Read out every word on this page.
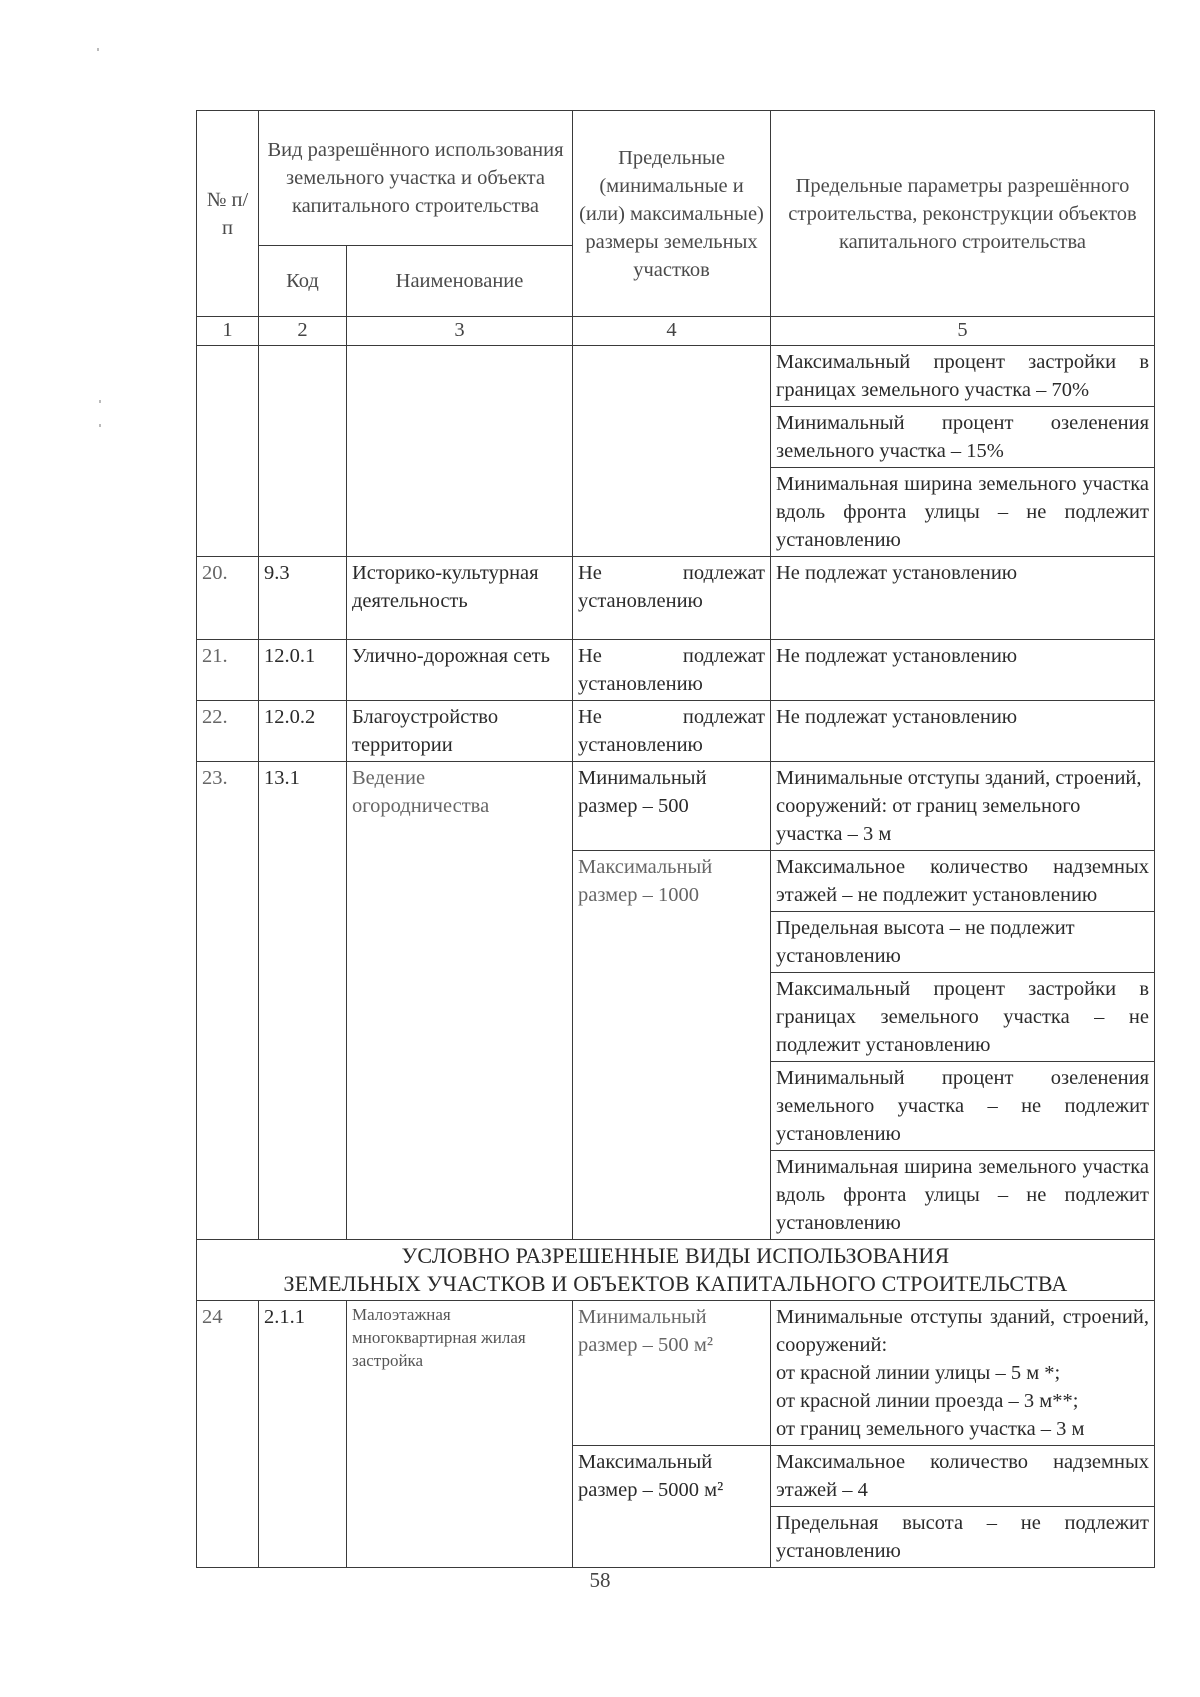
№ п/п	Вид разрешённого использования земельного участка и объекта капитального строительства		Предельные (минимальные и (или) максимальные) размеры земельных участков	Предельные параметры разрешённого строительства, реконструкции объектов капитального строительства
	Код	Наименование		
1	2	3	4	5
				Максимальный процент застройки в границах земельного участка – 70%
				Минимальный процент озеленения земельного участка – 15%
				Минимальная ширина земельного участка вдоль фронта улицы – не подлежит установлению
20.	9.3	Историко-культурная деятельность	Не подлежат установлению	Не подлежат установлению
21.	12.0.1	Улично-дорожная сеть	Не подлежат установлению	Не подлежат установлению
22.	12.0.2	Благоустройство территории	Не подлежат установлению	Не подлежат установлению
23.	13.1	Ведение огородничества	Минимальный размер – 500	Минимальные отступы зданий, строений, сооружений: от границ земельного участка – 3 м
			Максимальный размер – 1000	Максимальное количество надземных этажей – не подлежит установлению
				Предельная высота – не подлежит установлению
				Максимальный процент застройки в границах земельного участка – не подлежит установлению
				Минимальный процент озеленения земельного участка – не подлежит установлению
				Минимальная ширина земельного участка вдоль фронта улицы – не подлежит установлению

УСЛОВНО РАЗРЕШЕННЫЕ ВИДЫ ИСПОЛЬЗОВАНИЯ
ЗЕМЕЛЬНЫХ УЧАСТКОВ И ОБЪЕКТОВ КАПИТАЛЬНОГО СТРОИТЕЛЬСТВА				

24	2.1.1	Малоэтажная многоквартирная жилая застройка	Минимальный размер – 500 м²	Минимальные отступы зданий, строений, сооружений:
от красной линии улицы – 5 м *;
от красной линии проезда – 3 м**;
от границ земельного участка – 3 м

			Максимальный размер – 5000 м²	Максимальное количество надземных этажей – 4
				Предельная высота – не подлежит установлению
58
